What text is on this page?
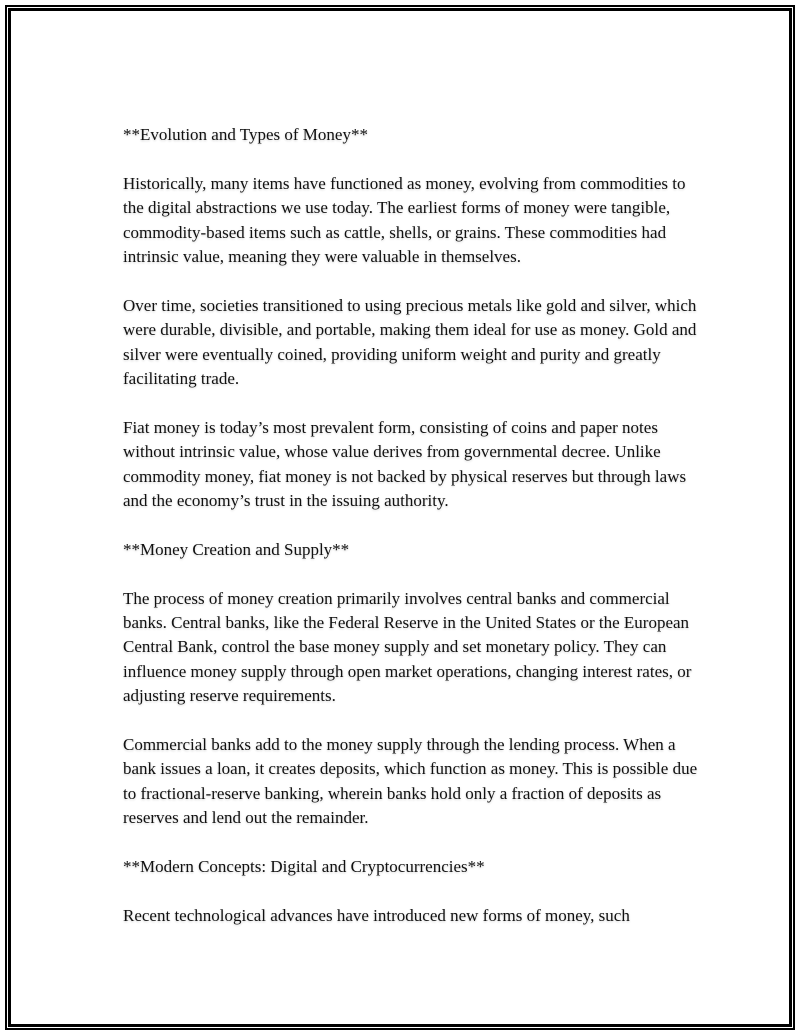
**Evolution and Types of Money**

Historically, many items have functioned as money, evolving from commodities to the digital abstractions we use today. The earliest forms of money were tangible, commodity-based items such as cattle, shells, or grains. These commodities had intrinsic value, meaning they were valuable in themselves.

Over time, societies transitioned to using precious metals like gold and silver, which were durable, divisible, and portable, making them ideal for use as money. Gold and silver were eventually coined, providing uniform weight and purity and greatly facilitating trade.

Fiat money is today’s most prevalent form, consisting of coins and paper notes without intrinsic value, whose value derives from governmental decree. Unlike commodity money, fiat money is not backed by physical reserves but through laws and the economy’s trust in the issuing authority.

**Money Creation and Supply**

The process of money creation primarily involves central banks and commercial banks. Central banks, like the Federal Reserve in the United States or the European Central Bank, control the base money supply and set monetary policy. They can influence money supply through open market operations, changing interest rates, or adjusting reserve requirements.

Commercial banks add to the money supply through the lending process. When a bank issues a loan, it creates deposits, which function as money. This is possible due to fractional-reserve banking, wherein banks hold only a fraction of deposits as reserves and lend out the remainder.

**Modern Concepts: Digital and Cryptocurrencies**

Recent technological advances have introduced new forms of money, such
